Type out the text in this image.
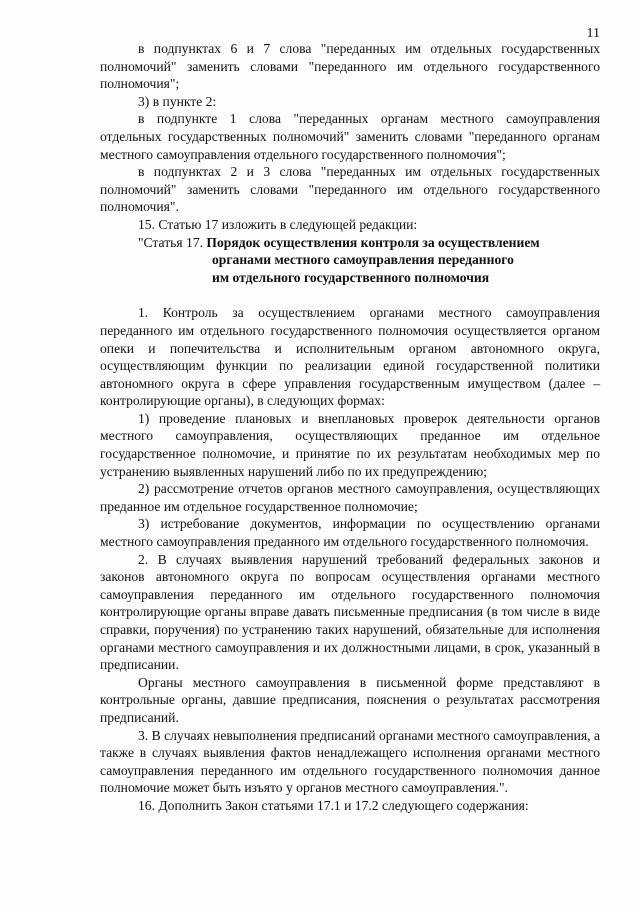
11

в подпунктах 6 и 7 слова "переданных им отдельных государственных полномочий" заменить словами "переданного им отдельного государственного полномочия";

3) в пункте 2:

в подпункте 1 слова "переданных органам местного самоуправления отдельных государственных полномочий" заменить словами "переданного органам местного самоуправления отдельного государственного полномочия";

в подпунктах 2 и 3 слова "переданных им отдельных государственных полномочий" заменить словами "переданного им отдельного государственного полномочия".

15. Статью 17 изложить в следующей редакции:

"Статья 17. Порядок осуществления контроля за осуществлением

органами местного самоуправления переданного

им отдельного государственного полномочия

1. Контроль за осуществлением органами местного самоуправления переданного им отдельного государственного полномочия осуществляется органом опеки и попечительства и исполнительным органом автономного округа, осуществляющим функции по реализации единой государственной политики автономного округа в сфере управления государственным имуществом (далее – контролирующие органы), в следующих формах:

1) проведение плановых и внеплановых проверок деятельности органов местного самоуправления, осуществляющих преданное им отдельное государственное полномочие, и принятие по их результатам необходимых мер по устранению выявленных нарушений либо по их предупреждению;

2) рассмотрение отчетов органов местного самоуправления, осуществляющих преданное им отдельное государственное полномочие;

3) истребование документов, информации по осуществлению органами местного самоуправления преданного им отдельного государственного полномочия.

2. В случаях выявления нарушений требований федеральных законов и законов автономного округа по вопросам осуществления органами местного самоуправления переданного им отдельного государственного полномочия контролирующие органы вправе давать письменные предписания (в том числе в виде справки, поручения) по устранению таких нарушений, обязательные для исполнения органами местного самоуправления и их должностными лицами, в срок, указанный в предписании.

Органы местного самоуправления в письменной форме представляют в контрольные органы, давшие предписания, пояснения о результатах рассмотрения предписаний.

3. В случаях невыполнения предписаний органами местного самоуправления, а также в случаях выявления фактов ненадлежащего исполнения органами местного самоуправления переданного им отдельного государственного полномочия данное полномочие может быть изъято у органов местного самоуправления.".

16. Дополнить Закон статьями 17.1 и 17.2 следующего содержания:
